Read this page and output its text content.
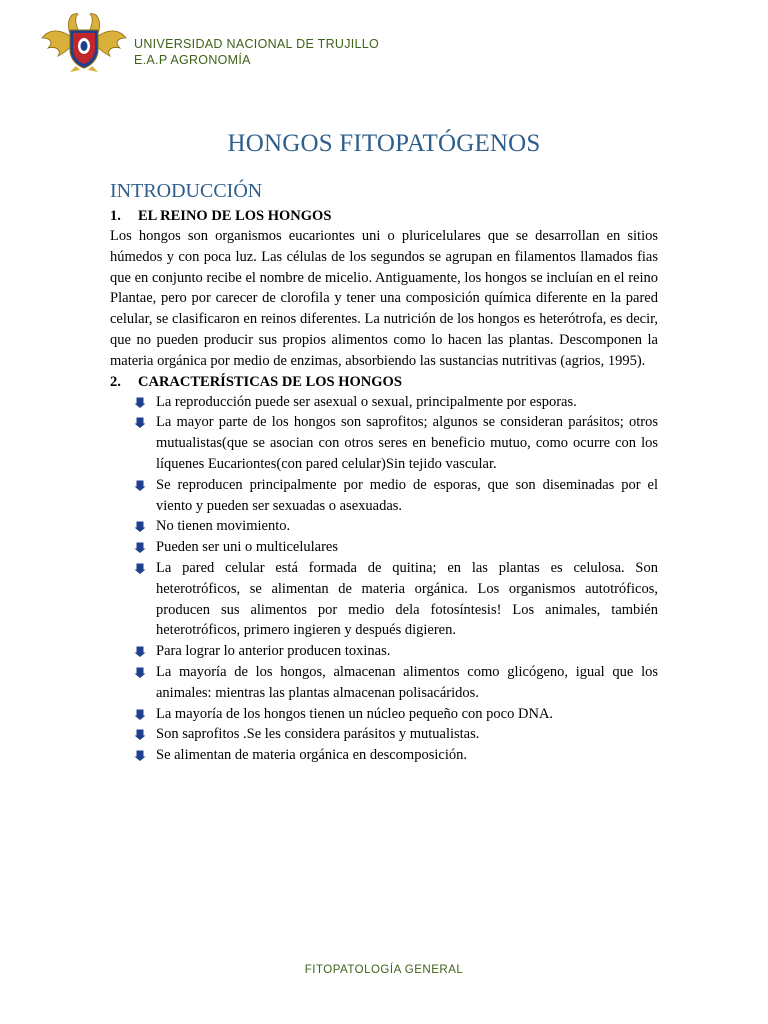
UNIVERSIDAD NACIONAL DE TRUJILLO
E.A.P AGRONOMÍA
HONGOS FITOPATÓGENOS
INTRODUCCIÓN
1. EL REINO DE LOS HONGOS

Los hongos son organismos eucariontes uni o pluricelulares que se desarrollan en sitios húmedos y con poca luz. Las células de los segundos se agrupan en filamentos llamados fias que en conjunto recibe el nombre de micelio. Antiguamente, los hongos se incluían en el reino Plantae, pero por carecer de clorofila y tener una composición química diferente en la pared celular, se clasificaron en reinos diferentes. La nutrición de los hongos es heterótrofa, es decir, que no pueden producir sus propios alimentos como lo hacen las plantas. Descomponen la materia orgánica por medio de enzimas, absorbiendo las sustancias nutritivas (agrios, 1995).

2. CARACTERÍSTICAS DE LOS HONGOS
La reproducción puede ser asexual o sexual, principalmente por esporas.
La mayor parte de los hongos son saprofitos; algunos se consideran parásitos; otros mutualistas(que se asocian con otros seres en beneficio mutuo, como ocurre con los líquenes Eucariontes(con pared celular)Sin tejido vascular.
Se reproducen principalmente por medio de esporas, que son diseminadas por el viento y pueden ser sexuadas o asexuadas.
No tienen movimiento.
Pueden ser uni o multicelulares
La pared celular está formada de quitina; en las plantas es celulosa. Son heterotróficos, se alimentan de materia orgánica. Los organismos autotróficos, producen sus alimentos por medio dela fotosíntesis! Los animales, también heterotróficos, primero ingieren y después digieren.
Para lograr lo anterior producen toxinas.
La mayoría de los hongos, almacenan alimentos como glicógeno, igual que los animales: mientras las plantas almacenan polisacáridos.
La mayoría de los hongos tienen un núcleo pequeño con poco DNA.
Son saprofitos .Se les considera parásitos y mutualistas.
Se alimentan de materia orgánica en descomposición.
FITOPATOLOGÍA GENERAL
